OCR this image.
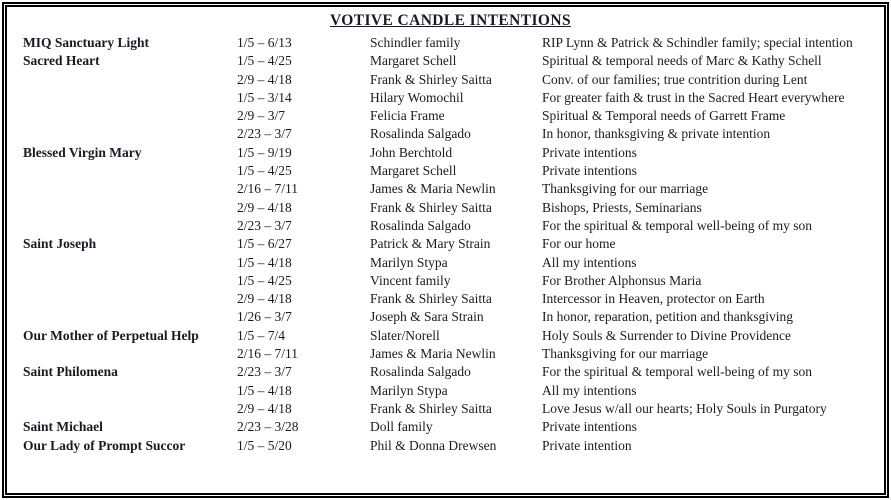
VOTIVE CANDLE INTENTIONS
MIQ Sanctuary Light	1/5 – 6/13	Schindler family	RIP Lynn & Patrick & Schindler family; special intention
Sacred Heart	1/5 – 4/25	Margaret Schell	Spiritual & temporal needs of Marc & Kathy Schell
2/9 – 4/18	Frank & Shirley Saitta	Conv. of our families; true contrition during Lent
1/5 – 3/14	Hilary Womochil	For greater faith & trust in the Sacred Heart everywhere
2/9 – 3/7	Felicia Frame	Spiritual & Temporal needs of Garrett Frame
2/23 – 3/7	Rosalinda Salgado	In honor, thanksgiving & private intention
Blessed Virgin Mary	1/5 – 9/19	John Berchtold	Private intentions
1/5 – 4/25	Margaret Schell	Private intentions
2/16 – 7/11	James & Maria Newlin	Thanksgiving for our marriage
2/9 – 4/18	Frank & Shirley Saitta	Bishops, Priests, Seminarians
2/23 – 3/7	Rosalinda Salgado	For the spiritual & temporal well-being of my son
Saint Joseph	1/5 – 6/27	Patrick & Mary Strain	For our home
1/5 – 4/18	Marilyn Stypa	All my intentions
1/5 – 4/25	Vincent family	For Brother Alphonsus Maria
2/9 – 4/18	Frank & Shirley Saitta	Intercessor in Heaven, protector on Earth
1/26 – 3/7	Joseph & Sara Strain	In honor, reparation, petition and thanksgiving
Our Mother of Perpetual Help	1/5 – 7/4	Slater/Norell	Holy Souls & Surrender to Divine Providence
2/16 – 7/11	James & Maria Newlin	Thanksgiving for our marriage
Saint Philomena	2/23 – 3/7	Rosalinda Salgado	For the spiritual & temporal well-being of my son
1/5 – 4/18	Marilyn Stypa	All my intentions
2/9 – 4/18	Frank & Shirley Saitta	Love Jesus w/all our hearts; Holy Souls in Purgatory
Saint Michael	2/23 – 3/28	Doll family	Private intentions
Our Lady of Prompt Succor	1/5 – 5/20	Phil & Donna Drewsen	Private intention
